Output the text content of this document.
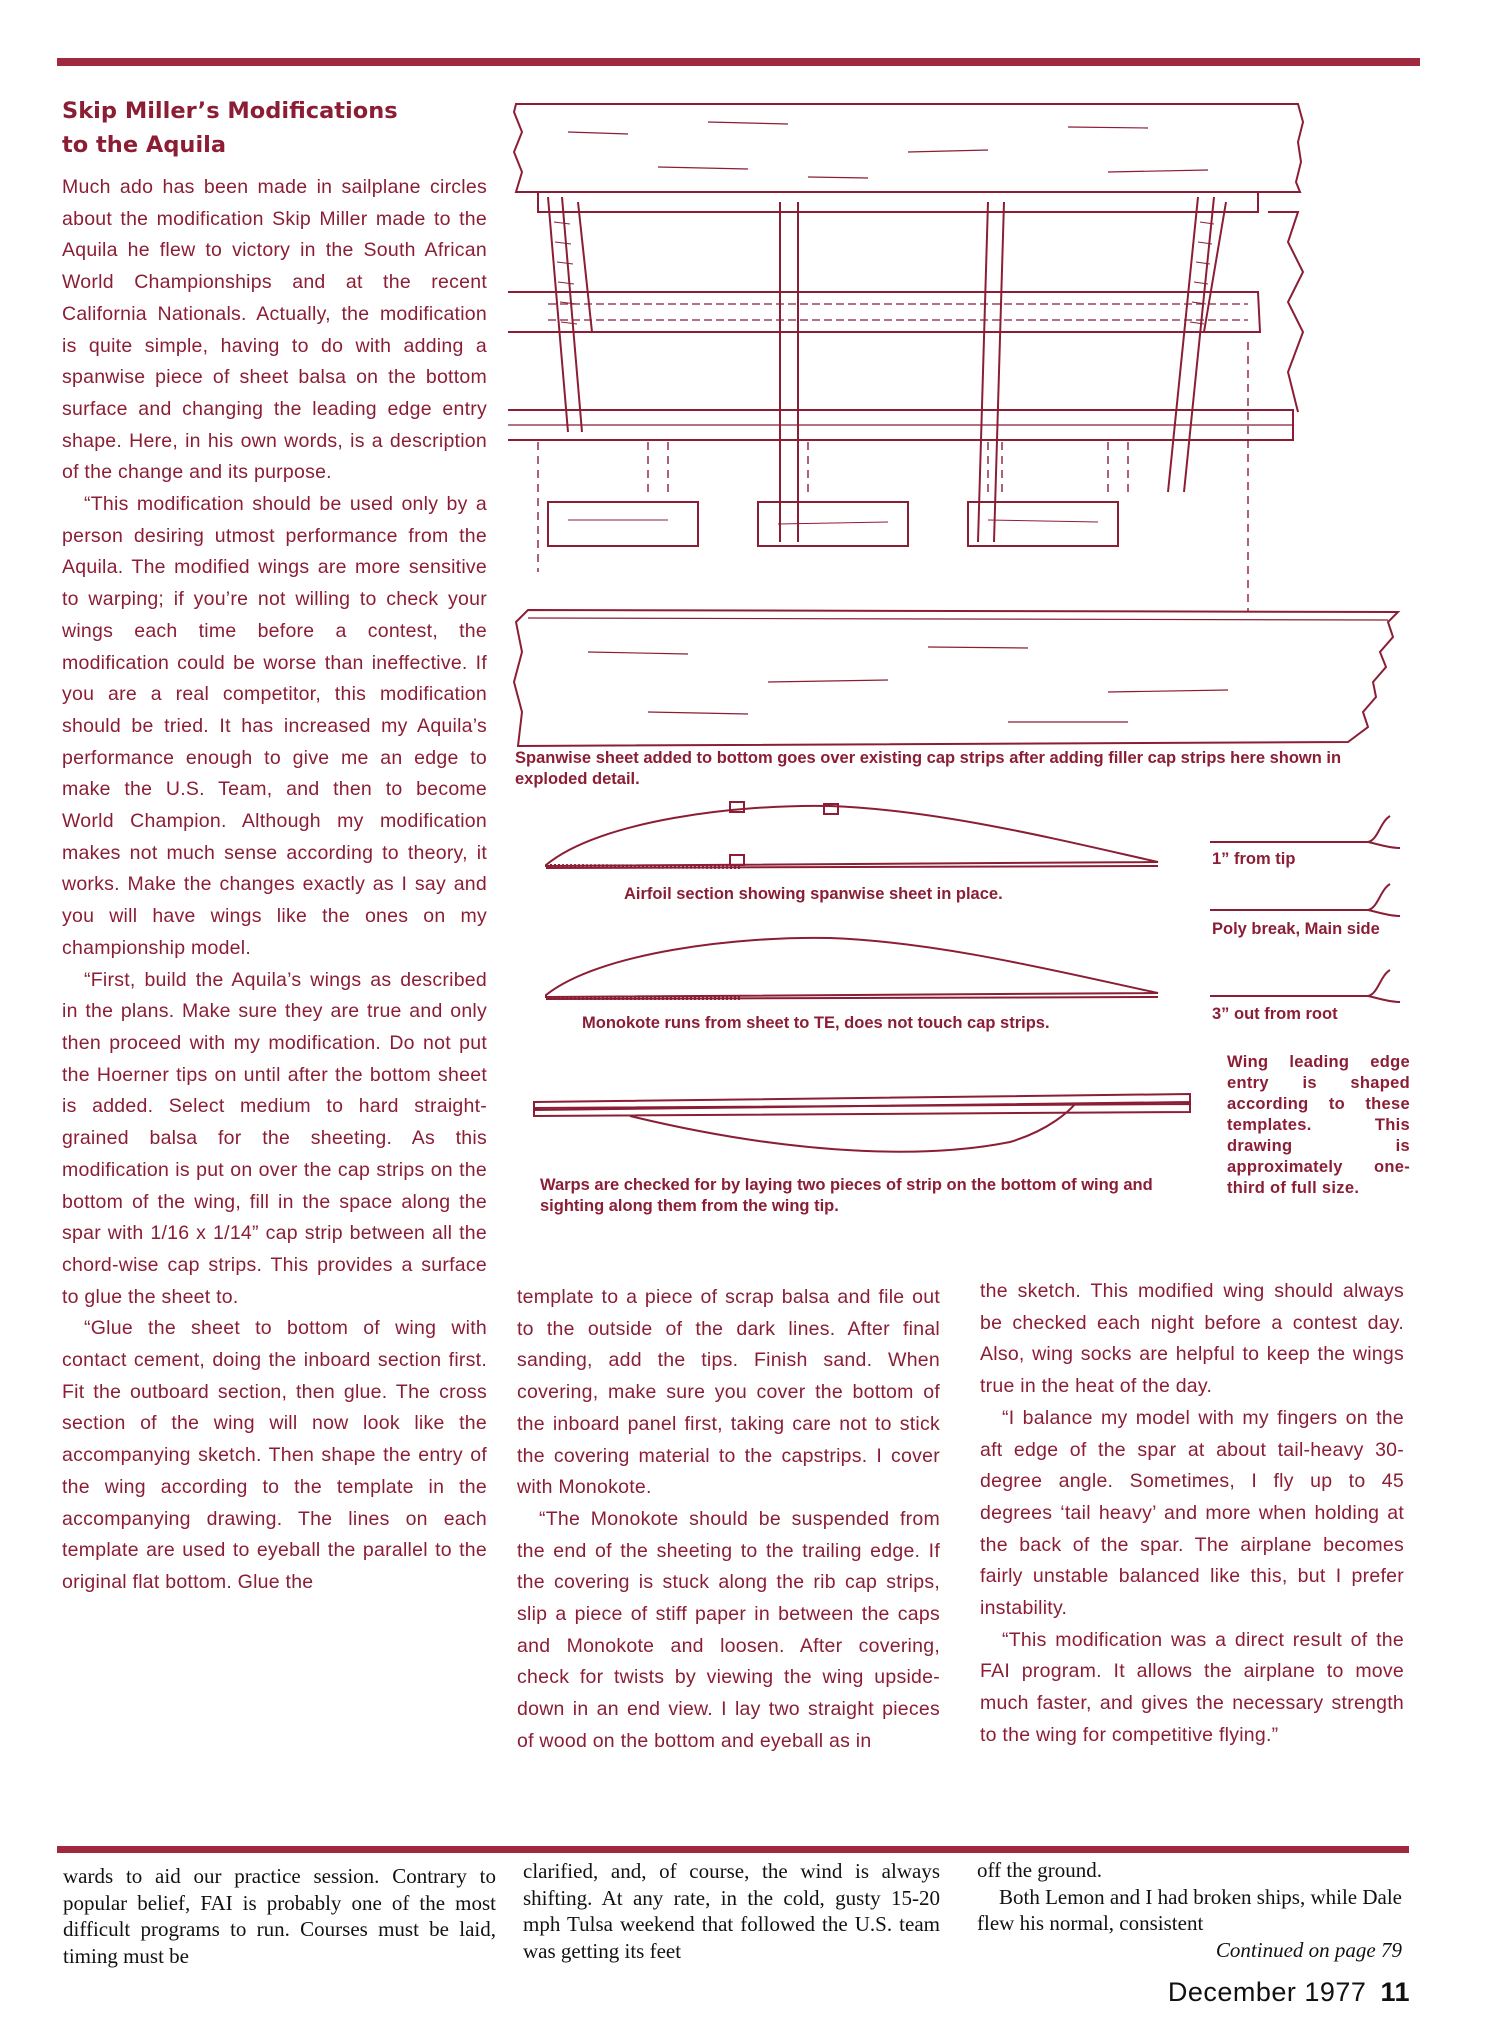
Skip Miller’s Modifications
to the Aquila

Much ado has been made in sailplane circles about the modification Skip Miller made to the Aquila he flew to victory in the South African World Championships and at the recent California Nationals. Actually, the modification is quite simple, having to do with adding a spanwise piece of sheet balsa on the bottom surface and changing the leading edge entry shape. Here, in his own words, is a description of the change and its purpose.

“This modification should be used only by a person desiring utmost performance from the Aquila. The modified wings are more sensitive to warping; if you’re not willing to check your wings each time before a contest, the modification could be worse than ineffective. If you are a real competitor, this modification should be tried. It has increased my Aquila’s performance enough to give me an edge to make the U.S. Team, and then to become World Champion. Although my modification makes not much sense according to theory, it works. Make the changes exactly as I say and you will have wings like the ones on my championship model.

“First, build the Aquila’s wings as described in the plans. Make sure they are true and only then proceed with my modification. Do not put the Hoerner tips on until after the bottom sheet is added. Select medium to hard straight-grained balsa for the sheeting. As this modification is put on over the cap strips on the bottom of the wing, fill in the space along the spar with 1/16 x 1/14” cap strip between all the chord-wise cap strips. This provides a surface to glue the sheet to.

“Glue the sheet to bottom of wing with contact cement, doing the inboard section first. Fit the outboard section, then glue. The cross section of the wing will now look like the accompanying sketch. Then shape the entry of the wing according to the template in the accompanying drawing. The lines on each template are used to eyeball the parallel to the original flat bottom. Glue the

Spanwise sheet added to bottom goes over existing cap strips after adding filler cap strips here shown in exploded detail.
Airfoil section showing spanwise sheet in place.
Monokote runs from sheet to TE, does not touch cap strips.
Warps are checked for by laying two pieces of strip on the bottom of wing and sighting along them from the wing tip.
1” from tip
Poly break, Main side
3” out from root
Wing leading edge entry is shaped according to these templates. This drawing is approximately one-third of full size.

template to a piece of scrap balsa and file out to the outside of the dark lines. After final sanding, add the tips. Finish sand. When covering, make sure you cover the bottom of the inboard panel first, taking care not to stick the covering material to the capstrips. I cover with Monokote.

“The Monokote should be suspended from the end of the sheeting to the trailing edge. If the covering is stuck along the rib cap strips, slip a piece of stiff paper in between the caps and Monokote and loosen. After covering, check for twists by viewing the wing upside-down in an end view. I lay two straight pieces of wood on the bottom and eyeball as in

the sketch. This modified wing should always be checked each night before a contest day. Also, wing socks are helpful to keep the wings true in the heat of the day.

“I balance my model with my fingers on the aft edge of the spar at about tail-heavy 30-degree angle. Sometimes, I fly up to 45 degrees ‘tail heavy’ and more when holding at the back of the spar. The airplane becomes fairly unstable balanced like this, but I prefer instability.

“This modification was a direct result of the FAI program. It allows the airplane to move much faster, and gives the necessary strength to the wing for competitive flying.”

wards to aid our practice session. Contrary to popular belief, FAI is probably one of the most difficult programs to run. Courses must be laid, timing must be

clarified, and, of course, the wind is always shifting. At any rate, in the cold, gusty 15-20 mph Tulsa weekend that followed the U.S. team was getting its feet

off the ground.

Both Lemon and I had broken ships, while Dale flew his normal, consistent

Continued on page 79
December 1977 11
